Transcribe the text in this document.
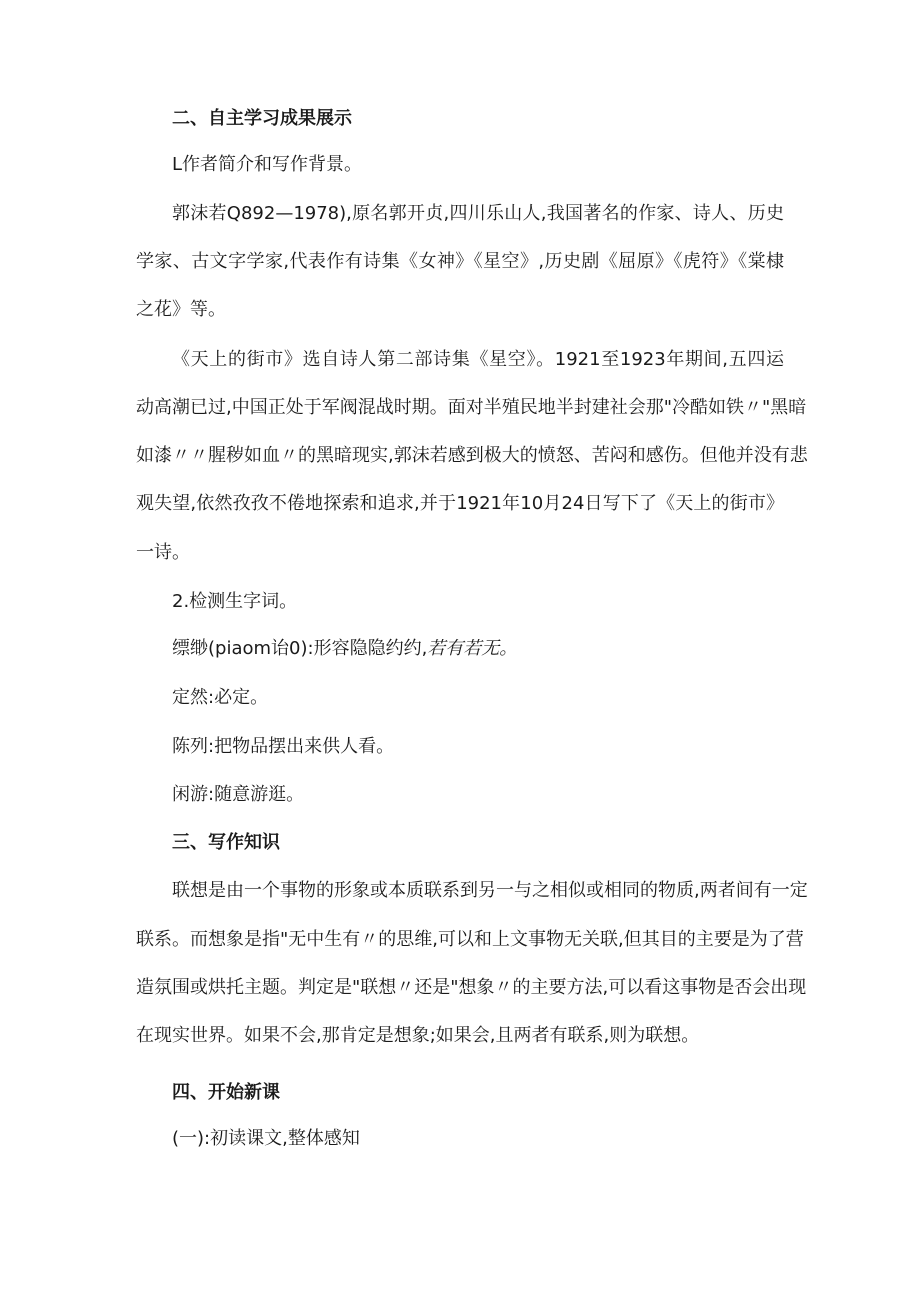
二、自主学习成果展示

L作者简介和写作背景。

郭沫若Q892—1978),原名郭开贞,四川乐山人,我国著名的作家、诗人、历史

学家、古文字学家,代表作有诗集《女神》《星空》,历史剧《屈原》《虎符》《棠棣

之花》等。

《天上的街市》选自诗人第二部诗集《星空》。1921至1923年期间,五四运

动高潮已过,中国正处于军阀混战时期。面对半殖民地半封建社会那"冷酷如铁〃"黑暗

如漆〃〃腥秽如血〃的黑暗现实,郭沫若感到极大的愤怒、苦闷和感伤。但他并没有悲

观失望,依然孜孜不倦地探索和追求,并于1921年10月24日写下了《天上的街市》

一诗。

2.检测生字词。

缥缈(piaom诒0):形容隐隐约约,若有若无。

定然:必定。

陈列:把物品摆出来供人看。

闲游:随意游逛。

三、写作知识

联想是由一个事物的形象或本质联系到另一与之相似或相同的物质,两者间有一定

联系。而想象是指"无中生有〃的思维,可以和上文事物无关联,但其目的主要是为了营

造氛围或烘托主题。判定是"联想〃还是"想象〃的主要方法,可以看这事物是否会出现

在现实世界。如果不会,那肯定是想象;如果会,且两者有联系,则为联想。

四、开始新课

(一):初读课文,整体感知
